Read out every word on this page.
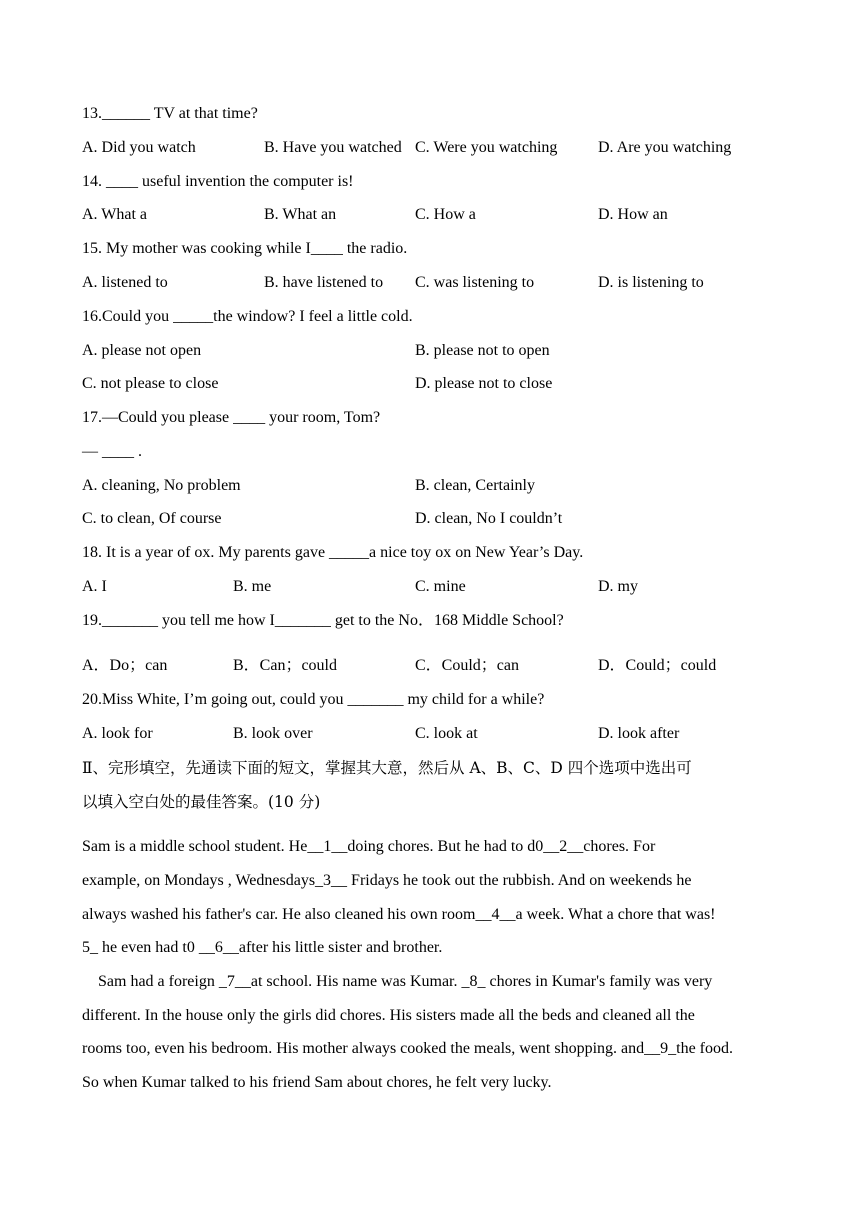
13.______ TV at that time?
A. Did you watch	B. Have you watched C. Were you watching	D. Are you watching
14. ____ useful invention the computer is!
A. What a	B. What an	C. How a	D. How an
15. My mother was cooking while I____ the radio.
A. listened to	B. have listened to C. was listening to	D. is listening to
16.Could you _____the window? I feel a little cold.
A. please not open	B. please not to open
C. not please to close	D. please not to close
17.—Could you please ____ your room, Tom?
— ____ .
A. cleaning, No problem	B. clean, Certainly
C. to clean, Of course	D. clean, No I couldn’t
18. It is a year of ox. My parents gave _____a nice toy ox on New Year’s Day.
A. I	B. me	C. mine	D. my
19._______ you tell me how I_______ get to the No．168 Middle School?
A．Do；can	B．Can；could	C．Could；can	D．Could；could
20.Miss White, I’m going out, could you _______ my child for a while?
A. look for	B. look over	C. look at	D. look after
Ⅱ、完形填空，先通读下面的短文，掌握其大意，然后从 A、B、C、D 四个选项中选出可
以填入空白处的最佳答案。(10 分)
Sam is a middle school student. He__1__doing chores. But he had to d0__2__chores. For
example, on Mondays , Wednesdays_3__ Fridays he took out the rubbish. And on weekends he
always washed his father's car. He also cleaned his own room__4__a week. What a chore that was!
5_ he even had t0 __6__after his little sister and brother.
Sam had a foreign _7__at school. His name was Kumar. _8_ chores in Kumar's family was very
different. In the house only the girls did chores. His sisters made all the beds and cleaned all the
rooms too, even his bedroom. His mother always cooked the meals, went shopping. and__9_the food.
So when Kumar talked to his friend Sam about chores, he felt very lucky.
